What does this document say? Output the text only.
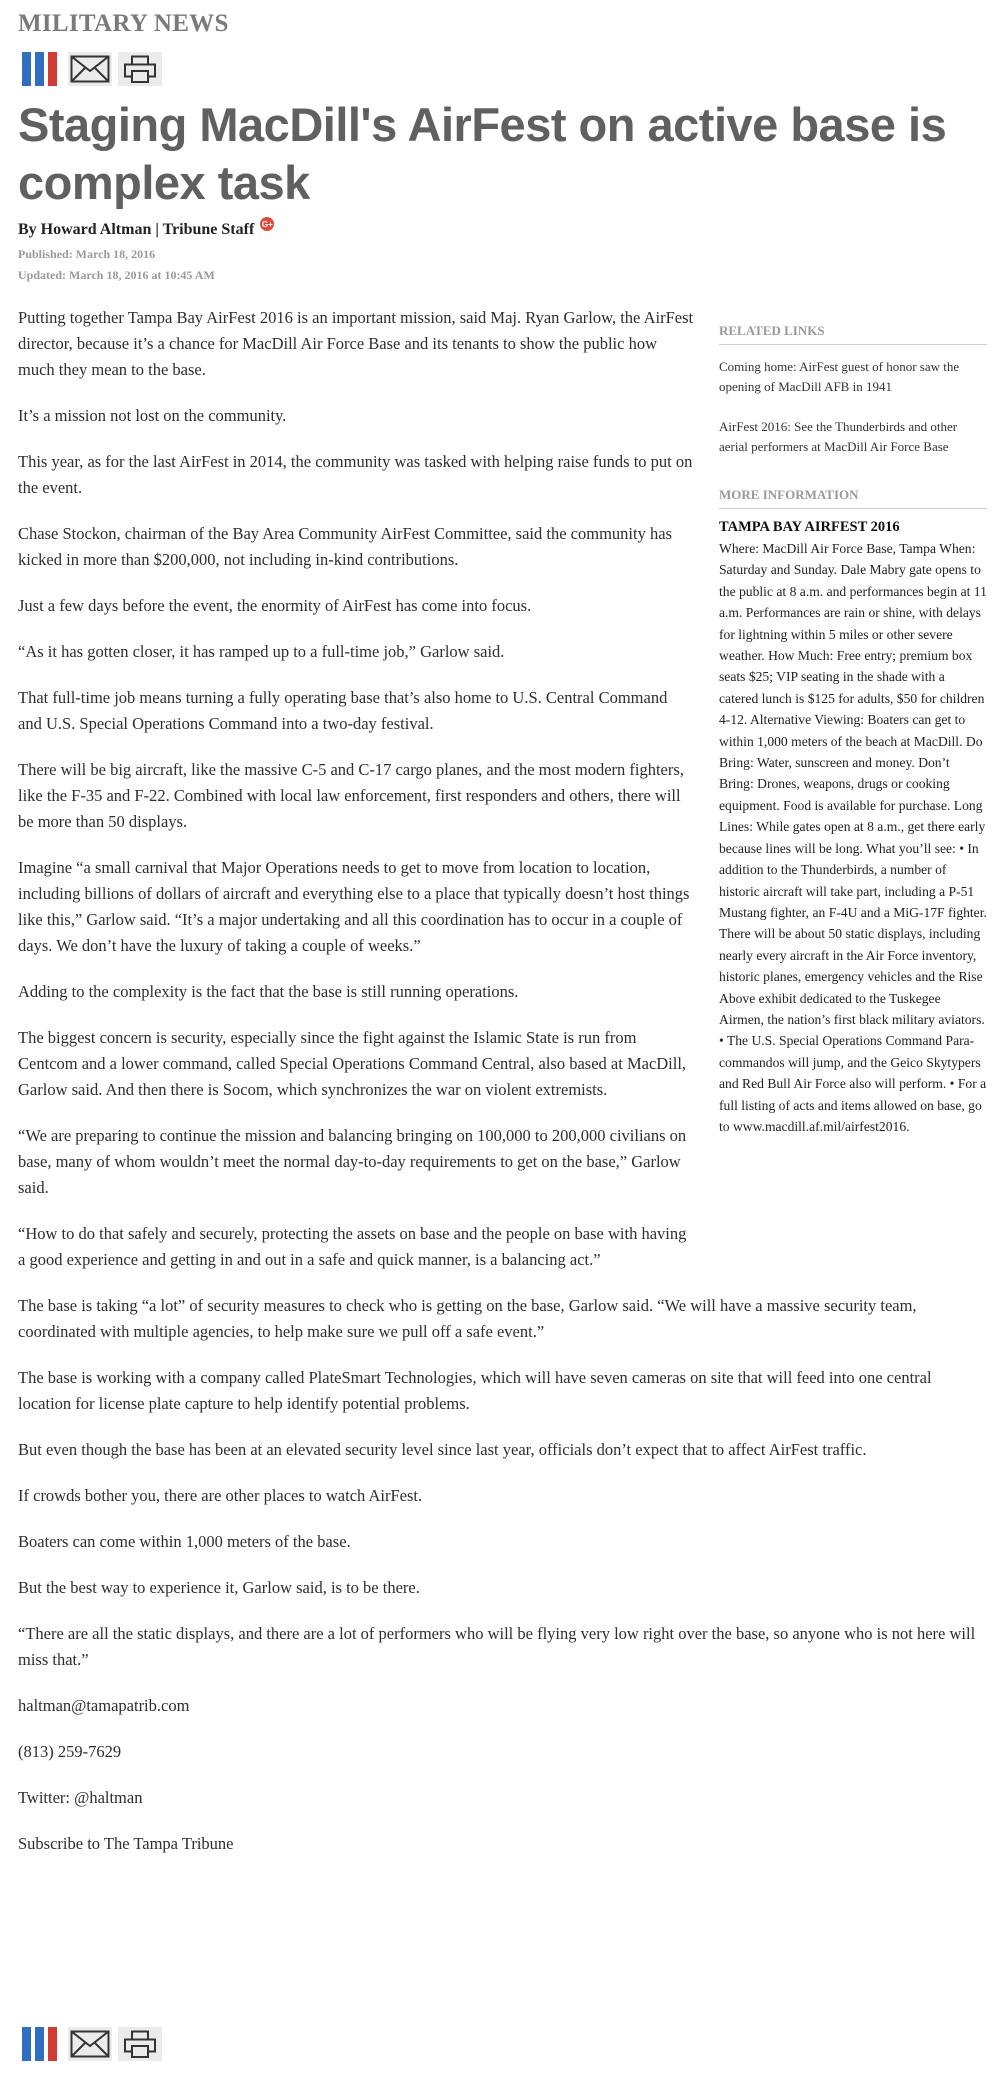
MILITARY NEWS
Staging MacDill's AirFest on active base is complex task
By Howard Altman | Tribune Staff G+
Published: March 18, 2016
Updated: March 18, 2016 at 10:45 AM
RELATED LINKS
Coming home: AirFest guest of honor saw the opening of MacDill AFB in 1941
AirFest 2016: See the Thunderbirds and other aerial performers at MacDill Air Force Base
MORE INFORMATION
TAMPA BAY AIRFEST 2016
Where: MacDill Air Force Base, Tampa When: Saturday and Sunday. Dale Mabry gate opens to the public at 8 a.m. and performances begin at 11 a.m. Performances are rain or shine, with delays for lightning within 5 miles or other severe weather. How Much: Free entry; premium box seats $25; VIP seating in the shade with a catered lunch is $125 for adults, $50 for children 4-12. Alternative Viewing: Boaters can get to within 1,000 meters of the beach at MacDill. Do Bring: Water, sunscreen and money. Don’t Bring: Drones, weapons, drugs or cooking equipment. Food is available for purchase. Long Lines: While gates open at 8 a.m., get there early because lines will be long. What you’ll see: • In addition to the Thunderbirds, a number of historic aircraft will take part, including a P-51 Mustang fighter, an F-4U and a MiG-17F fighter. There will be about 50 static displays, including nearly every aircraft in the Air Force inventory, historic planes, emergency vehicles and the Rise Above exhibit dedicated to the Tuskegee Airmen, the nation’s first black military aviators. • The U.S. Special Operations Command Para-commandos will jump, and the Geico Skytypers and Red Bull Air Force also will perform. • For a full listing of acts and items allowed on base, go to www.macdill.af.mil/airfest2016.

Putting together Tampa Bay AirFest 2016 is an important mission, said Maj. Ryan Garlow, the AirFest director, because it’s a chance for MacDill Air Force Base and its tenants to show the public how much they mean to the base.

It’s a mission not lost on the community.

This year, as for the last AirFest in 2014, the community was tasked with helping raise funds to put on the event.

Chase Stockon, chairman of the Bay Area Community AirFest Committee, said the community has kicked in more than $200,000, not including in-kind contributions.

Just a few days before the event, the enormity of AirFest has come into focus.

“As it has gotten closer, it has ramped up to a full-time job,” Garlow said.

That full-time job means turning a fully operating base that’s also home to U.S. Central Command and U.S. Special Operations Command into a two-day festival.

There will be big aircraft, like the massive C-5 and C-17 cargo planes, and the most modern fighters, like the F-35 and F-22. Combined with local law enforcement, first responders and others, there will be more than 50 displays.

Imagine “a small carnival that Major Operations needs to get to move from location to location, including billions of dollars of aircraft and everything else to a place that typically doesn’t host things like this,” Garlow said. “It’s a major undertaking and all this coordination has to occur in a couple of days. We don’t have the luxury of taking a couple of weeks.”

Adding to the complexity is the fact that the base is still running operations.

The biggest concern is security, especially since the fight against the Islamic State is run from Centcom and a lower command, called Special Operations Command Central, also based at MacDill, Garlow said. And then there is Socom, which synchronizes the war on violent extremists.

“We are preparing to continue the mission and balancing bringing on 100,000 to 200,000 civilians on base, many of whom wouldn’t meet the normal day-to-day requirements to get on the base,” Garlow said.

“How to do that safely and securely, protecting the assets on base and the people on base with having a good experience and getting in and out in a safe and quick manner, is a balancing act.”

The base is taking “a lot” of security measures to check who is getting on the base, Garlow said. “We will have a massive security team, coordinated with multiple agencies, to help make sure we pull off a safe event.”

The base is working with a company called PlateSmart Technologies, which will have seven cameras on site that will feed into one central location for license plate capture to help identify potential problems.

But even though the base has been at an elevated security level since last year, officials don’t expect that to affect AirFest traffic.

If crowds bother you, there are other places to watch AirFest.

Boaters can come within 1,000 meters of the base.

But the best way to experience it, Garlow said, is to be there.

“There are all the static displays, and there are a lot of performers who will be flying very low right over the base, so anyone who is not here will miss that.”

haltman@tamapatrib.com

(813) 259-7629

Twitter: @haltman

Subscribe to The Tampa Tribune
